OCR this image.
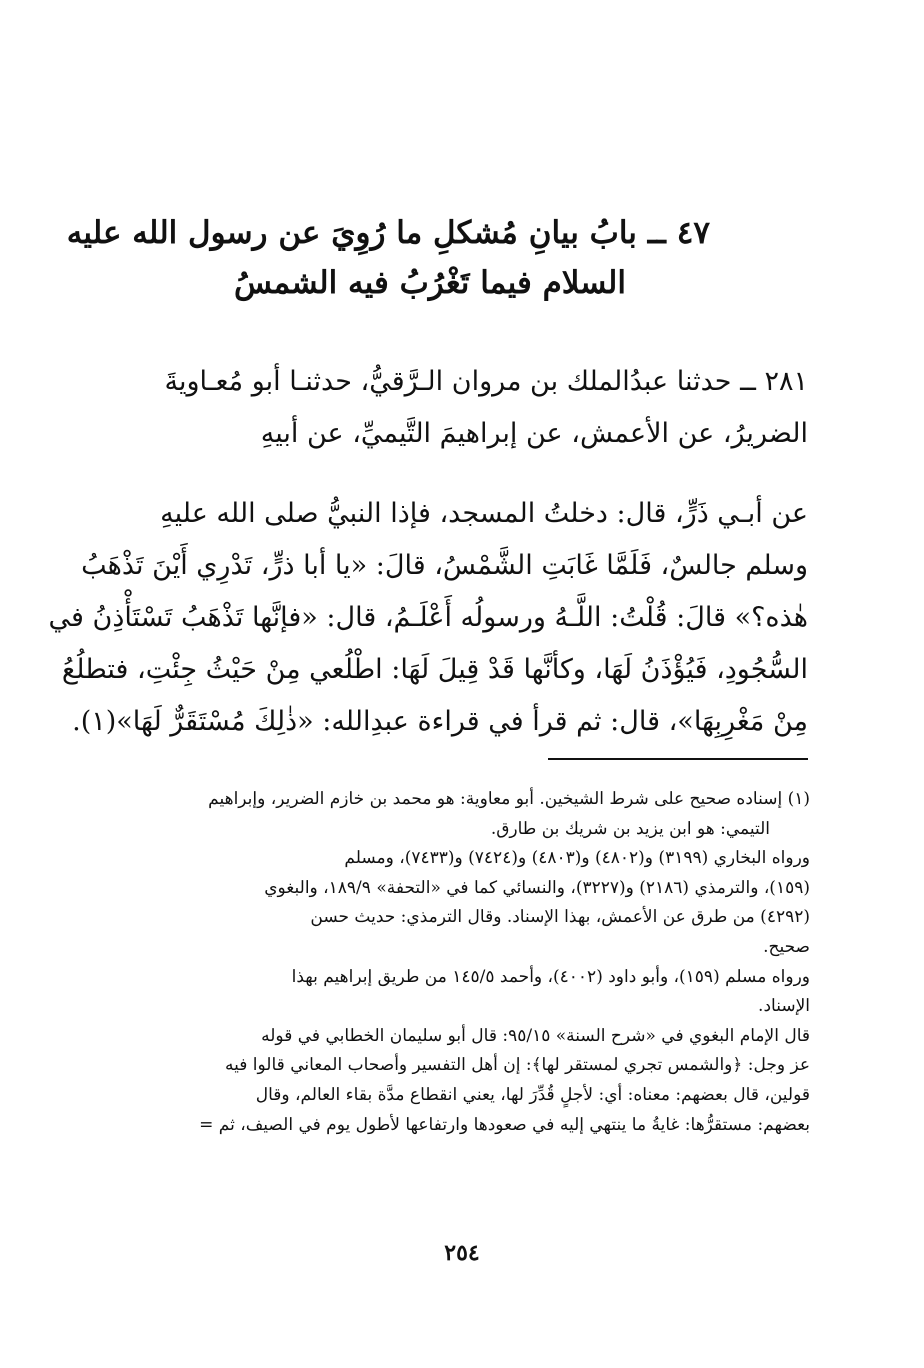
٤٧ ــ بابُ بيانِ مُشكلِ ما رُوِيَ عن رسول الله عليه
السلام فيما تَغْرُبُ فيه الشمسُ
٢٨١ ــ حدثنا عبدُالملك بن مروان الـرَّقيُّ، حدثنـا أبو مُعـاويةَ
الضريرُ، عن الأعمش، عن إبراهيمَ التَّيميِّ، عن أبيهِ
عن أبـي ذَرٍّ، قال: دخلتُ المسجد، فإذا النبيُّ صلى الله عليهِ
وسلم جالسٌ، فَلَمَّا غَابَتِ الشَّمْسُ، قالَ: «يا أبا ذرٍّ، تَدْرِي أَيْنَ تَذْهَبُ
هٰذه؟» قالَ: قُلْتُ: اللَّـهُ ورسولُه أَعْلَـمُ، قال: «فإنَّها تَذْهَبُ تَسْتَأْذِنُ في
السُّجُودِ، فَيُؤْذَنُ لَهَا، وكأنَّها قَدْ قِيلَ لَهَا: اطْلُعي مِنْ حَيْثُ جِئْتِ، فتطلُعُ
مِنْ مَغْرِبِهَا»، قال: ثم قرأ في قراءة عبدِالله: «ذٰلِكَ مُسْتَقَرٌّ لَهَا»(١).
(١) إسناده صحيح على شرط الشيخين. أبو معاوية: هو محمد بن خازم الضرير، وإبراهيم
التيمي: هو ابن يزيد بن شريك بن طارق.
ورواه البخاري (٣١٩٩) و(٤٨٠٢) و(٤٨٠٣) و(٧٤٢٤) و(٧٤٣٣)، ومسلم
(١٥٩)، والترمذي (٢١٨٦) و(٣٢٢٧)، والنسائي كما في «التحفة» ١٨٩/٩، والبغوي
(٤٢٩٢) من طرق عن الأعمش، بهذا الإسناد. وقال الترمذي: حديث حسن
صحيح.
ورواه مسلم (١٥٩)، وأبو داود (٤٠٠٢)، وأحمد ١٤٥/٥ من طريق إبراهيم بهذا
الإسناد.
قال الإمام البغوي في «شرح السنة» ٩٥/١٥: قال أبو سليمان الخطابي في قوله
عز وجل: ﴿والشمس تجري لمستقر لها﴾: إن أهل التفسير وأصحاب المعاني قالوا فيه
قولين، قال بعضهم: معناه: أي: لأجلٍ قُدِّرَ لها، يعني انقطاع مدَّة بقاء العالم، وقال
بعضهم: مستقرُّها: غايةُ ما ينتهي إليه في صعودها وارتفاعها لأطول يوم في الصيف، ثم =
٢٥٤
